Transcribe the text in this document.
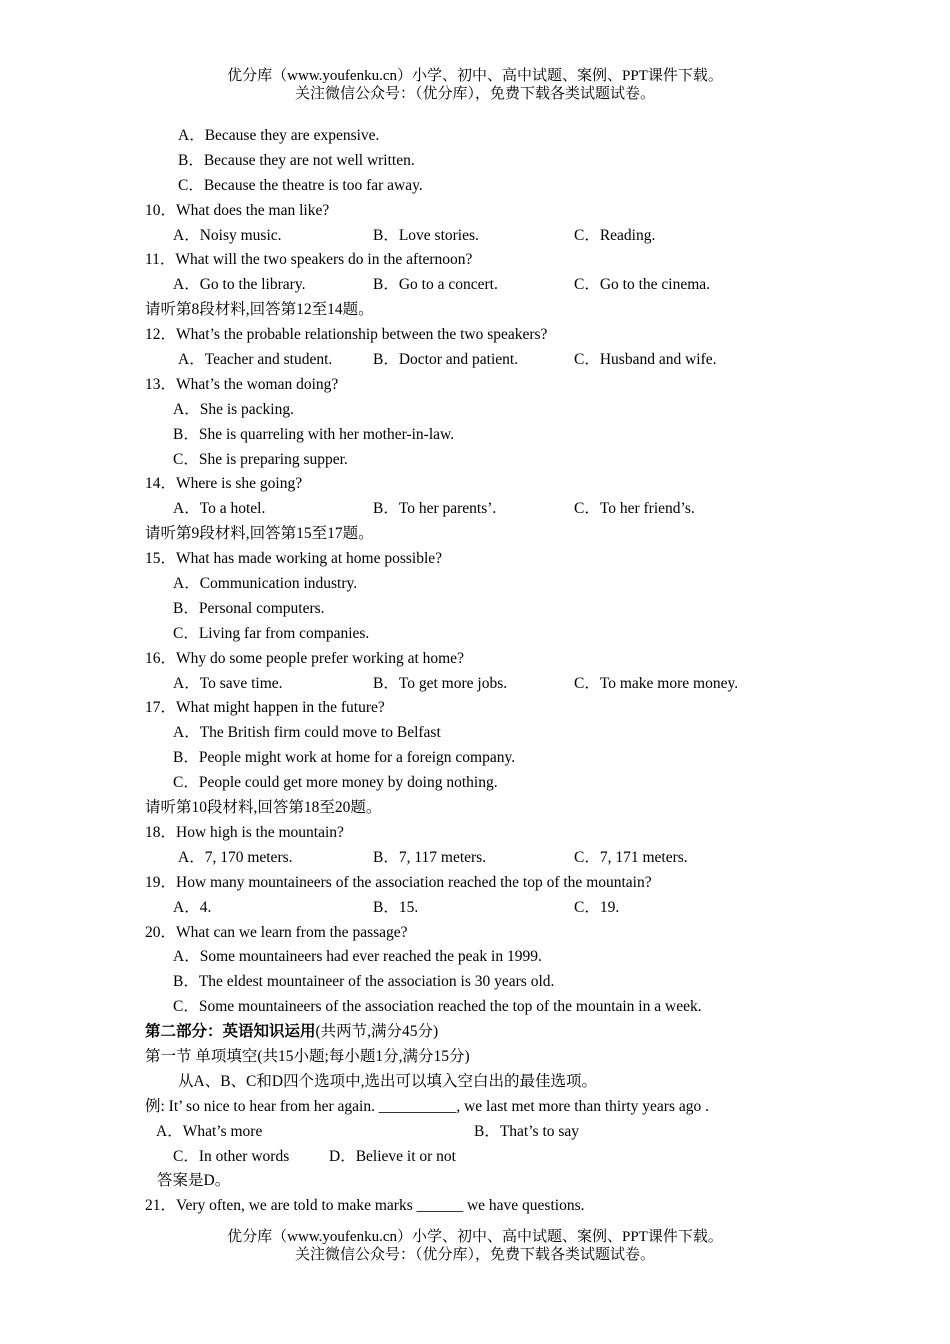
优分库（www.youfenku.cn）小学、初中、高中试题、案例、PPT课件下载。
关注微信公众号：（优分库），免费下载各类试题试卷。
A．Because they are expensive.
B．Because they are not well written.
C．Because the theatre is too far away.
10．What does the man like?
A．Noisy music.	B．Love stories.	C．Reading.
11．What will the two speakers do in the afternoon?
A．Go to the library.	B．Go to a concert.	C．Go to the cinema.
请听第8段材料,回答第12至14题。
12．What’s the probable relationship between the two speakers?
A．Teacher and student.	B．Doctor and patient.	C．Husband and wife.
13．What’s the woman doing?
A．She is packing.
B．She is quarreling with her mother-in-law.
C．She is preparing supper.
14．Where is she going?
A．To a hotel.	B．To her parents’.	C．To her friend’s.
请听第9段材料,回答第15至17题。
15．What has made working at home possible?
A．Communication industry.
B．Personal computers.
C．Living far from companies.
16．Why do some people prefer working at home?
A．To save time.	B．To get more jobs.	C．To make more money.
17．What might happen in the future?
A．The British firm could move to Belfast
B．People might work at home for a foreign company.
C．People could get more money by doing nothing.
请听第10段材料,回答第18至20题。
18．How high is the mountain?
A．7, 170 meters.	B．7, 117 meters.	C．7, 171 meters.
19．How many mountaineers of the association reached the top of the mountain?
A．4.	B．15.	C．19.
20．What can we learn from the passage?
A．Some mountaineers had ever reached the peak in 1999.
B．The eldest mountaineer of the association is 30 years old.
C．Some mountaineers of the association reached the top of the mountain in a week.
第二部分：英语知识运用(共两节,满分45分)
第一节 单项填空(共15小题;每小题1分,满分15分)
从A、B、C和D四个选项中,选出可以填入空白出的最佳选项。
例: It’ so nice to hear from her again. __________, we last met more than thirty years ago .
A．What’s more	B．That’s to say
C．In other words	D．Believe it or not
答案是D。
21．Very often, we are told to make marks ______ we have questions.
优分库（www.youfenku.cn）小学、初中、高中试题、案例、PPT课件下载。
关注微信公众号：（优分库），免费下载各类试题试卷。
